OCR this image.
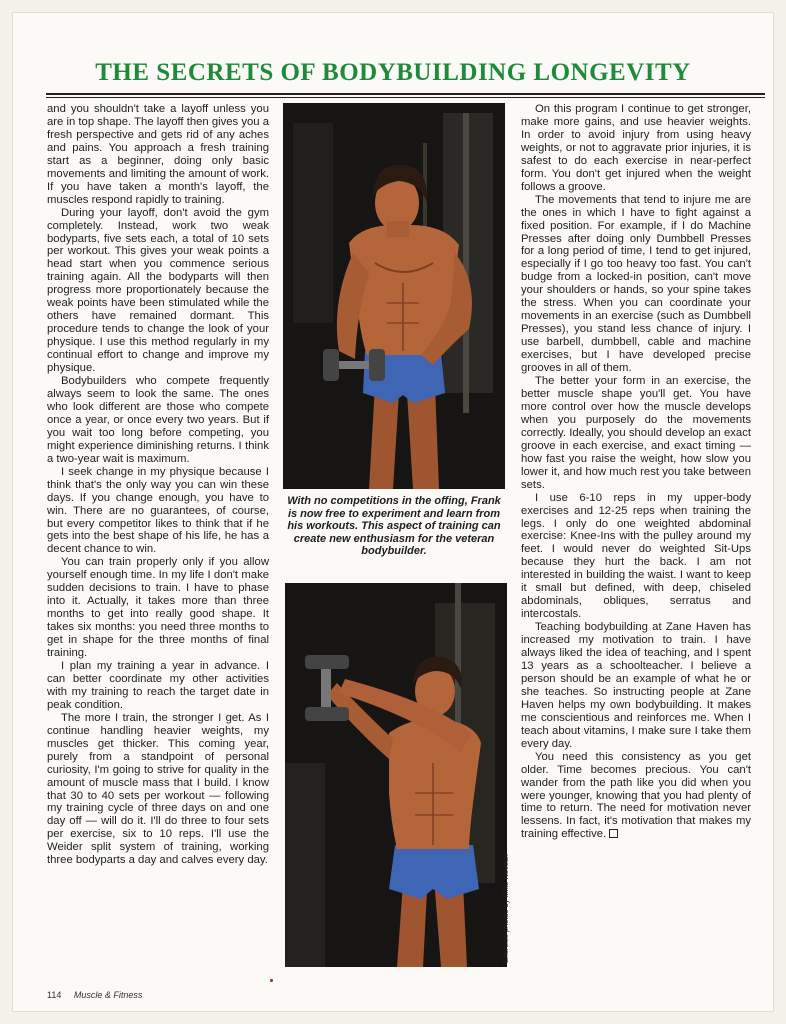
THE SECRETS OF BODYBUILDING LONGEVITY

and you shouldn't take a layoff unless you are in top shape. The layoff then gives you a fresh perspective and gets rid of any aches and pains. You approach a fresh training start as a beginner, doing only basic movements and limiting the amount of work. If you have taken a month's layoff, the muscles respond rapidly to training.

During your layoff, don't avoid the gym completely. Instead, work two weak bodyparts, five sets each, a total of 10 sets per workout. This gives your weak points a head start when you commence serious training again. All the bodyparts will then progress more proportionately because the weak points have been stimulated while the others have remained dormant. This procedure tends to change the look of your physique. I use this method regularly in my continual effort to change and improve my physique.

Bodybuilders who compete frequently always seem to look the same. The ones who look different are those who compete once a year, or once every two years. But if you wait too long before competing, you might experience diminishing returns. I think a two-year wait is maximum.

I seek change in my physique because I think that's the only way you can win these days. If you change enough, you have to win. There are no guarantees, of course, but every competitor likes to think that if he gets into the best shape of his life, he has a decent chance to win.

You can train properly only if you allow yourself enough time. In my life I don't make sudden decisions to train. I have to phase into it. Actually, it takes more than three months to get into really good shape. It takes six months: you need three months to get in shape for the three months of final training.

I plan my training a year in advance. I can better coordinate my other activities with my training to reach the target date in peak condition.

The more I train, the stronger I get. As I continue handling heavier weights, my muscles get thicker. This coming year, purely from a standpoint of personal curiosity, I'm going to strive for quality in the amount of muscle mass that I build. I know that 30 to 40 sets per workout — following my training cycle of three days on and one day off — will do it. I'll do three to four sets per exercise, six to 10 reps. I'll use the Weider split system of training, working three bodyparts a day and calves every day.

With no competitions in the offing, Frank is now free to experiment and learn from his workouts. This aspect of training can create new enthusiasm for the veteran bodybuilder.
Exercise photos by Mike Neveux

On this program I continue to get stronger, make more gains, and use heavier weights. In order to avoid injury from using heavy weights, or not to aggravate prior injuries, it is safest to do each exercise in near-perfect form. You don't get injured when the weight follows a groove.

The movements that tend to injure me are the ones in which I have to fight against a fixed position. For example, if I do Machine Presses after doing only Dumbbell Presses for a long period of time, I tend to get injured, especially if I go too heavy too fast. You can't budge from a locked-in position, can't move your shoulders or hands, so your spine takes the stress. When you can coordinate your movements in an exercise (such as Dumbbell Presses), you stand less chance of injury. I use barbell, dumbbell, cable and machine exercises, but I have developed precise grooves in all of them.

The better your form in an exercise, the better muscle shape you'll get. You have more control over how the muscle develops when you purposely do the movements correctly. Ideally, you should develop an exact groove in each exercise, and exact timing — how fast you raise the weight, how slow you lower it, and how much rest you take between sets.

I use 6-10 reps in my upper-body exercises and 12-25 reps when training the legs. I only do one weighted abdominal exercise: Knee-Ins with the pulley around my feet. I would never do weighted Sit-Ups because they hurt the back. I am not interested in building the waist. I want to keep it small but defined, with deep, chiseled abdominals, obliques, serratus and intercostals.

Teaching bodybuilding at Zane Haven has increased my motivation to train. I have always liked the idea of teaching, and I spent 13 years as a schoolteacher. I believe a person should be an example of what he or she teaches. So instructing people at Zane Haven helps my own bodybuilding. It makes me conscientious and reinforces me. When I teach about vitamins, I make sure I take them every day.

You need this consistency as you get older. Time becomes precious. You can't wander from the path like you did when you were younger, knowing that you had plenty of time to return. The need for motivation never lessens. In fact, it's motivation that makes my training effective.

114 Muscle & Fitness
